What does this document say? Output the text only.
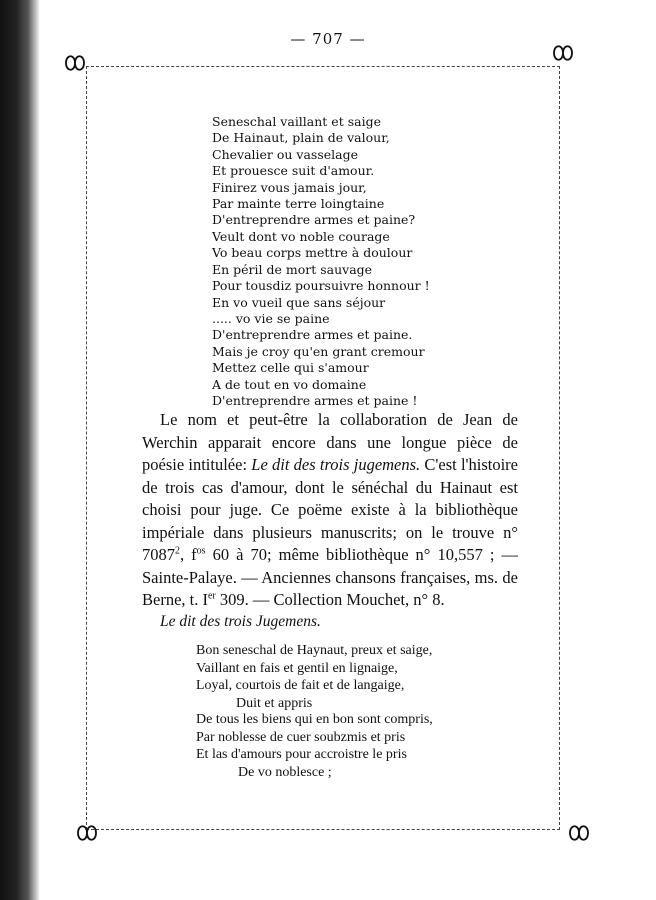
— 707 —
Seneschal vaillant et saige
De Hainaut, plain de valour,
Chevalier ou vasselage
Et prouesce suit d'amour.
Finirez vous jamais jour,
Par mainte terre loingtaine
D'entreprendre armes et paine?
Veult dont vo noble courage
Vo beau corps mettre à doulour
En péril de mort sauvage
Pour tousdiz poursuivre honnour !
En vo vueil que sans séjour
..... vo vie se paine
D'entreprendre armes et paine.
Mais je croy qu'en grant cremour
Mettez celle qui s'amour
A de tout en vo domaine
D'entreprendre armes et paine !
Le nom et peut-être la collaboration de Jean de Werchin apparait encore dans une longue pièce de poésie intitulée: Le dit des trois jugemens. C'est l'histoire de trois cas d'amour, dont le sénéchal du Hainaut est choisi pour juge. Ce poëme existe à la bibliothèque impériale dans plusieurs manuscrits; on le trouve n° 7087$^2$, $f^{os}$ 60 à 70; même bibliothèque n° 10,557 ; — Sainte-Palaye. — Anciennes chansons françaises, ms. de Berne, t. Ier 309. — Collection Mouchet, n° 8.
Le dit des trois Jugemens.
Bon seneschal de Haynaut, preux et saige,
Vaillant en fais et gentil en lignaige,
Loyal, courtois de fait et de langaige,
Duit et appris
De tous les biens qui en bon sont compris,
Par noblesse de cuer soubzmis et pris
Et las d'amours pour accroistre le pris
De vo noblesce ;
